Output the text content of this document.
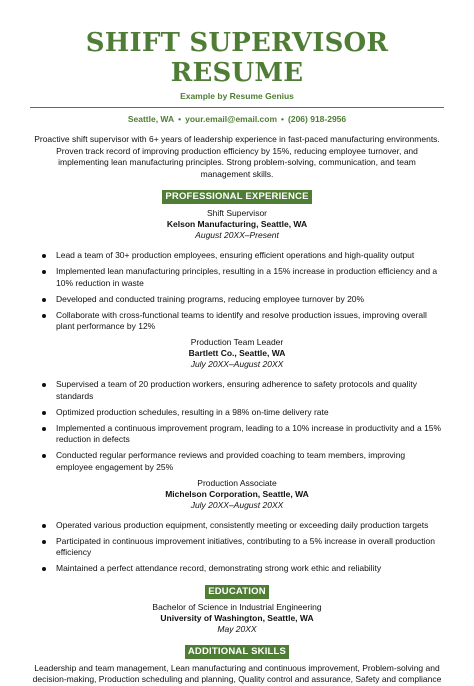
SHIFT SUPERVISOR RESUME
Example by Resume Genius
Seattle, WA • your.email@email.com • (206) 918-2956
Proactive shift supervisor with 6+ years of leadership experience in fast-paced manufacturing environments. Proven track record of improving production efficiency by 15%, reducing employee turnover, and implementing lean manufacturing principles. Strong problem-solving, communication, and team management skills.
PROFESSIONAL EXPERIENCE
Shift Supervisor
Kelson Manufacturing, Seattle, WA
August 20XX–Present
Lead a team of 30+ production employees, ensuring efficient operations and high-quality output
Implemented lean manufacturing principles, resulting in a 15% increase in production efficiency and a 10% reduction in waste
Developed and conducted training programs, reducing employee turnover by 20%
Collaborate with cross-functional teams to identify and resolve production issues, improving overall plant performance by 12%
Production Team Leader
Bartlett Co., Seattle, WA
July 20XX–August 20XX
Supervised a team of 20 production workers, ensuring adherence to safety protocols and quality standards
Optimized production schedules, resulting in a 98% on-time delivery rate
Implemented a continuous improvement program, leading to a 10% increase in productivity and a 15% reduction in defects
Conducted regular performance reviews and provided coaching to team members, improving employee engagement by 25%
Production Associate
Michelson Corporation, Seattle, WA
July 20XX–August 20XX
Operated various production equipment, consistently meeting or exceeding daily production targets
Participated in continuous improvement initiatives, contributing to a 5% increase in overall production efficiency
Maintained a perfect attendance record, demonstrating strong work ethic and reliability
EDUCATION
Bachelor of Science in Industrial Engineering
University of Washington, Seattle, WA
May 20XX
ADDITIONAL SKILLS
Leadership and team management, Lean manufacturing and continuous improvement, Problem-solving and decision-making, Production scheduling and planning, Quality control and assurance, Safety and compliance
